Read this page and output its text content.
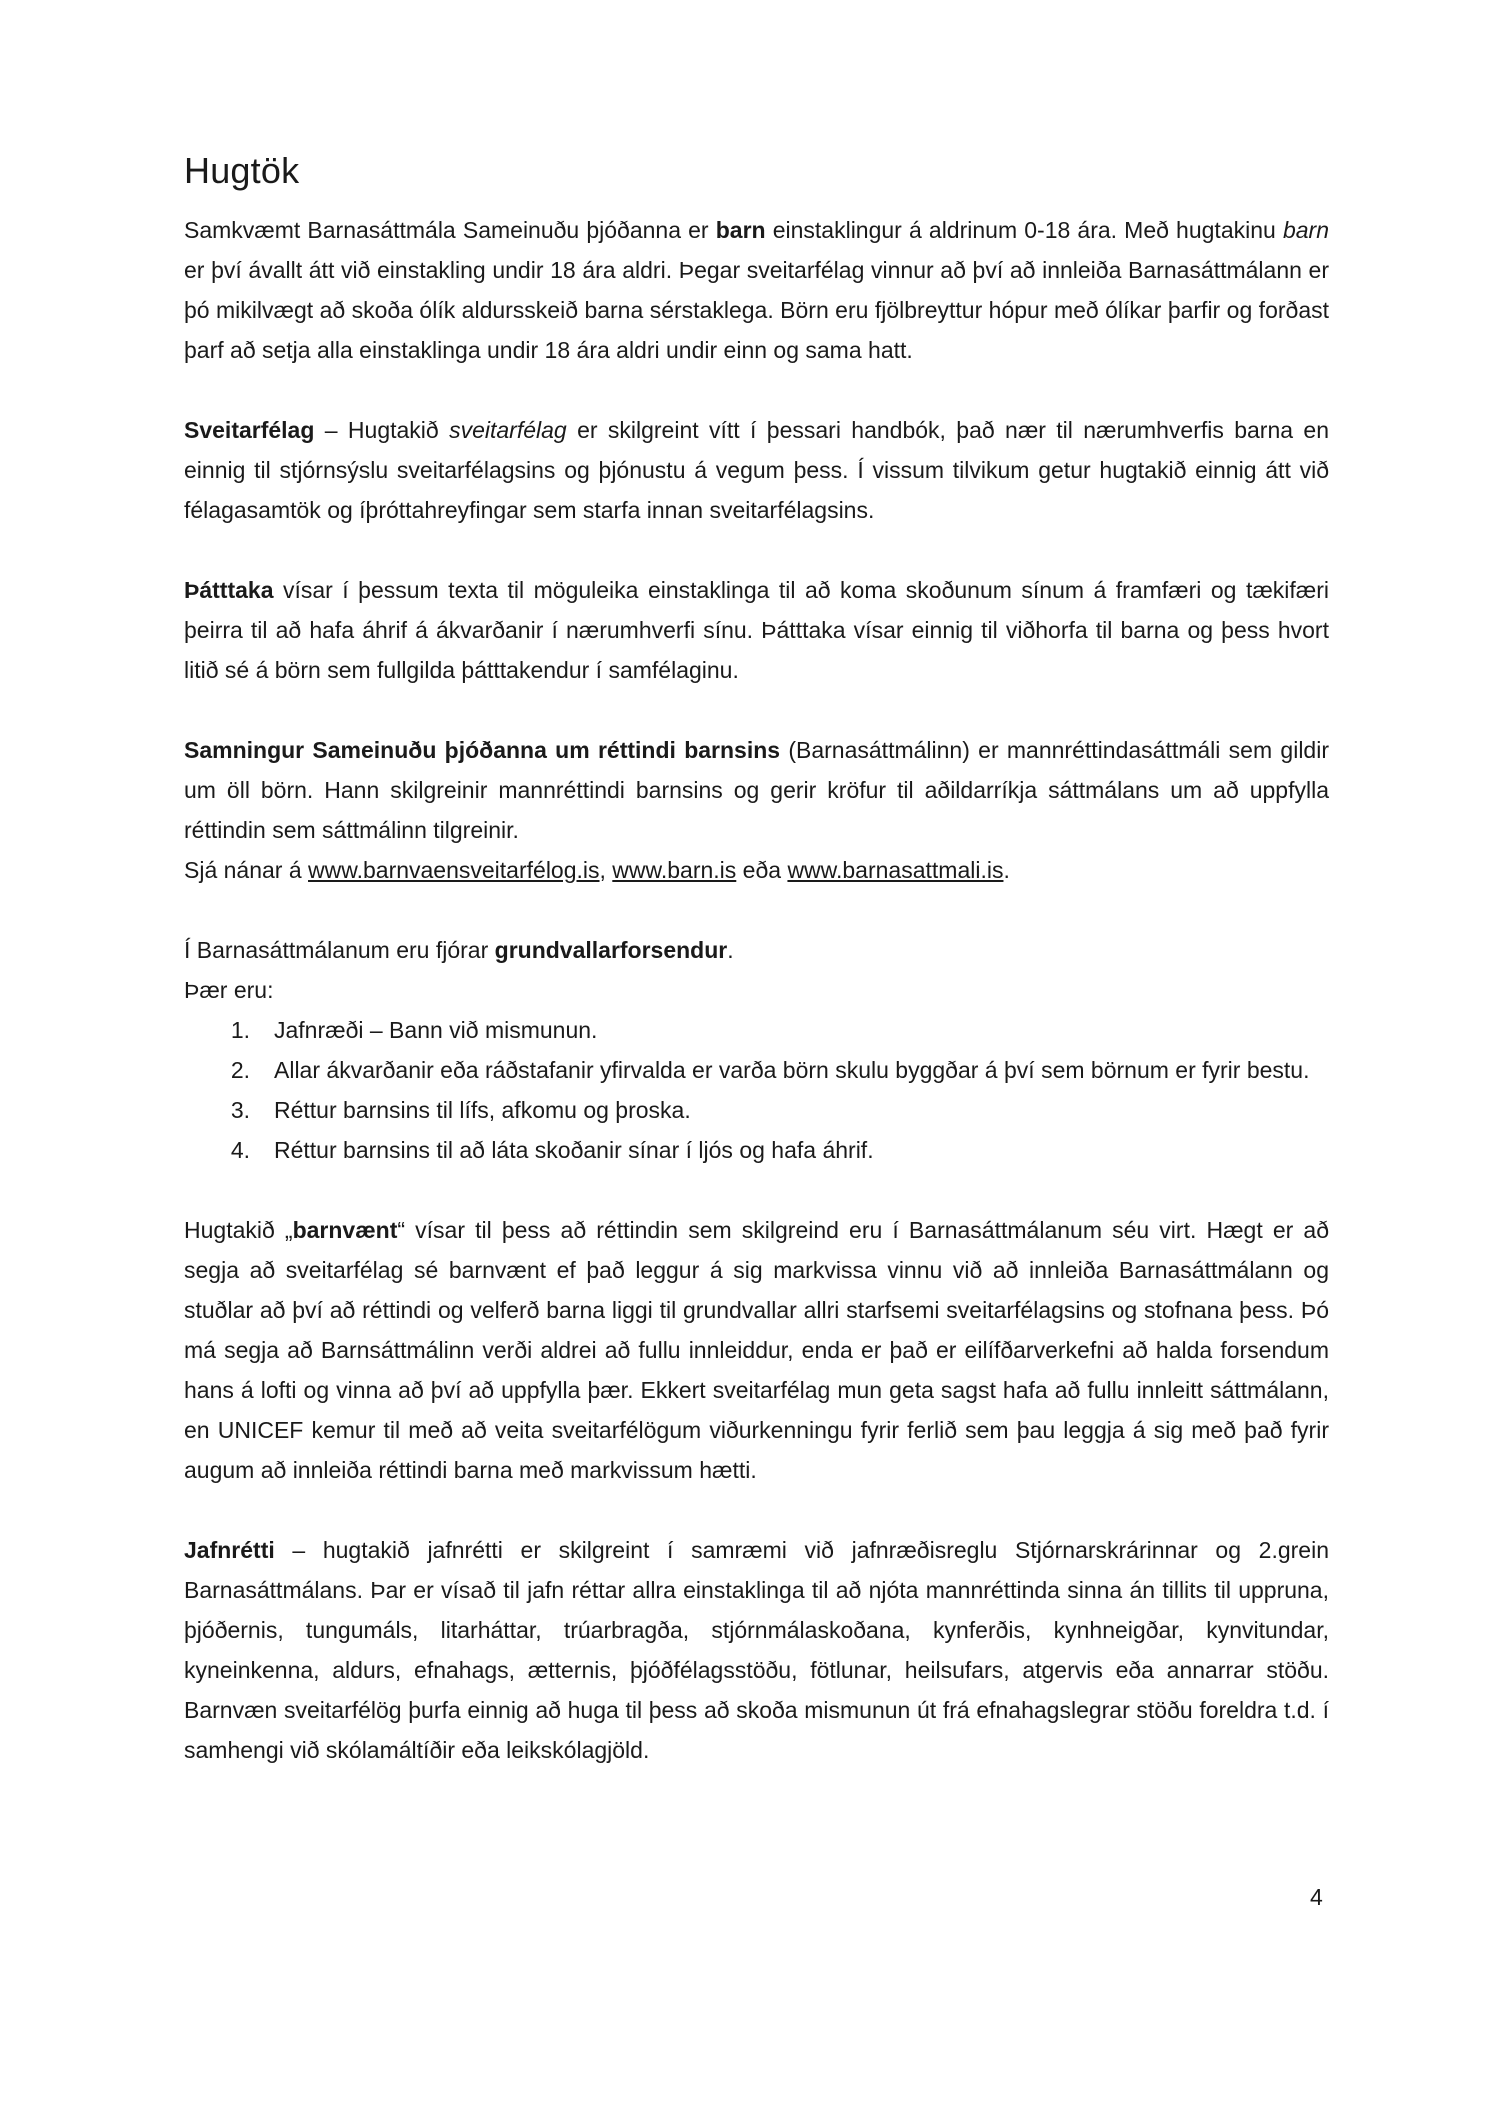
Hugtök

Samkvæmt Barnasáttmála Sameinuðu þjóðanna er barn einstaklingur á aldrinum 0-18 ára. Með hugtakinu barn er því ávallt átt við einstakling undir 18 ára aldri. Þegar sveitarfélag vinnur að því að innleiða Barnasáttmálann er þó mikilvægt að skoða ólík aldursskeið barna sérstaklega. Börn eru fjölbreyttur hópur með ólíkar þarfir og forðast þarf að setja alla einstaklinga undir 18 ára aldri undir einn og sama hatt.

Sveitarfélag – Hugtakið sveitarfélag er skilgreint vítt í þessari handbók, það nær til nærumhverfis barna en einnig til stjórnsýslu sveitarfélagsins og þjónustu á vegum þess. Í vissum tilvikum getur hugtakið einnig átt við félagasamtök og íþróttahreyfingar sem starfa innan sveitarfélagsins.

Þátttaka vísar í þessum texta til möguleika einstaklinga til að koma skoðunum sínum á framfæri og tækifæri þeirra til að hafa áhrif á ákvarðanir í nærumhverfi sínu. Þátttaka vísar einnig til viðhorfa til barna og þess hvort litið sé á börn sem fullgilda þátttakendur í samfélaginu.

Samningur Sameinuðu þjóðanna um réttindi barnsins (Barnasáttmálinn) er mannréttindasáttmáli sem gildir um öll börn. Hann skilgreinir mannréttindi barnsins og gerir kröfur til aðildarríkja sáttmálans um að uppfylla réttindin sem sáttmálinn tilgreinir.

Sjá nánar á www.barnvaensveitarfélog.is, www.barn.is eða www.barnasattmali.is.

Í Barnasáttmálanum eru fjórar grundvallarforsendur.

Þær eru:

1.	Jafnræði – Bann við mismunun.
2.	Allar ákvarðanir eða ráðstafanir yfirvalda er varða börn skulu byggðar á því sem börnum er fyrir bestu.
3.	Réttur barnsins til lífs, afkomu og þroska.
4.	Réttur barnsins til að láta skoðanir sínar í ljós og hafa áhrif.

Hugtakið „barnvænt“ vísar til þess að réttindin sem skilgreind eru í Barnasáttmálanum séu virt. Hægt er að segja að sveitarfélag sé barnvænt ef það leggur á sig markvissa vinnu við að innleiða Barnasáttmálann og stuðlar að því að réttindi og velferð barna liggi til grundvallar allri starfsemi sveitarfélagsins og stofnana þess. Þó má segja að Barnsáttmálinn verði aldrei að fullu innleiddur, enda er það er eilífðarverkefni að halda forsendum hans á lofti og vinna að því að uppfylla þær. Ekkert sveitarfélag mun geta sagst hafa að fullu innleitt sáttmálann, en UNICEF kemur til með að veita sveitarfélögum viðurkenningu fyrir ferlið sem þau leggja á sig með það fyrir augum að innleiða réttindi barna með markvissum hætti.

Jafnrétti – hugtakið jafnrétti er skilgreint í samræmi við jafnræðisreglu Stjórnarskrárinnar og 2.grein Barnasáttmálans. Þar er vísað til jafn réttar allra einstaklinga til að njóta mannréttinda sinna án tillits til uppruna, þjóðernis, tungumáls, litarháttar, trúarbragða, stjórnmálaskoðana, kynferðis, kynhneigðar, kynvitundar, kyneinkenna, aldurs, efnahags, ætternis, þjóðfélagsstöðu, fötlunar, heilsufars, atgervis eða annarrar stöðu. Barnvæn sveitarfélög þurfa einnig að huga til þess að skoða mismunun út frá efnahagslegrar stöðu foreldra t.d. í samhengi við skólamáltíðir eða leikskólagjöld.

4
